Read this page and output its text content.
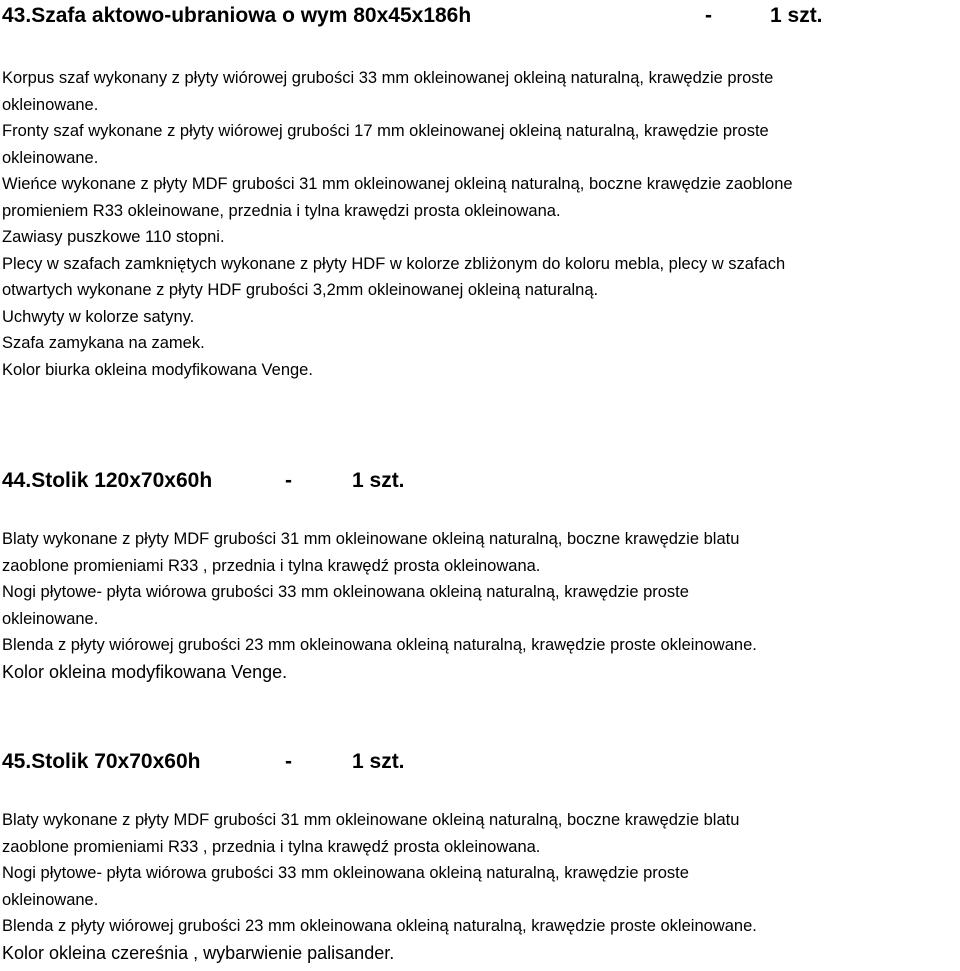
43.Szafa aktowo-ubraniowa o wym 80x45x186h

	-

	1 szt.

Korpus szaf wykonany z płyty wiórowej grubości 33 mm okleinowanej okleiną naturalną, krawędzie proste
okleinowane.
Fronty szaf wykonane z płyty wiórowej grubości 17 mm okleinowanej okleiną naturalną, krawędzie proste
okleinowane.
Wieńce wykonane z płyty MDF grubości 31 mm okleinowanej okleiną naturalną, boczne krawędzie zaoblone
promieniem R33 okleinowane, przednia i tylna krawędzi prosta okleinowana.
Zawiasy puszkowe 110 stopni.
Plecy w szafach zamkniętych wykonane z płyty HDF w kolorze zbliżonym do koloru mebla, plecy w szafach
otwartych wykonane z płyty HDF grubości 3,2mm okleinowanej okleiną naturalną.
Uchwyty w kolorze satyny.
Szafa zamykana na zamek.
Kolor biurka okleina modyfikowana Venge.

44.Stolik 120x70x60h

	-

	1 szt.

Blaty wykonane z płyty MDF grubości 31 mm okleinowane okleiną naturalną, boczne krawędzie blatu
zaoblone promieniami R33 , przednia i tylna krawędź prosta okleinowana.
Nogi płytowe- płyta wiórowa grubości 33 mm okleinowana okleiną naturalną, krawędzie proste
okleinowane.
Blenda z płyty wiórowej grubości 23 mm okleinowana okleiną naturalną, krawędzie proste okleinowane.
Kolor okleina modyfikowana Venge.

45.Stolik 70x70x60h

	-

	1 szt.

Blaty wykonane z płyty MDF grubości 31 mm okleinowane okleiną naturalną, boczne krawędzie blatu
zaoblone promieniami R33 , przednia i tylna krawędź prosta okleinowana.
Nogi płytowe- płyta wiórowa grubości 33 mm okleinowana okleiną naturalną, krawędzie proste
okleinowane.
Blenda z płyty wiórowej grubości 23 mm okleinowana okleiną naturalną, krawędzie proste okleinowane.
Kolor okleina czereśnia , wybarwienie palisander.
